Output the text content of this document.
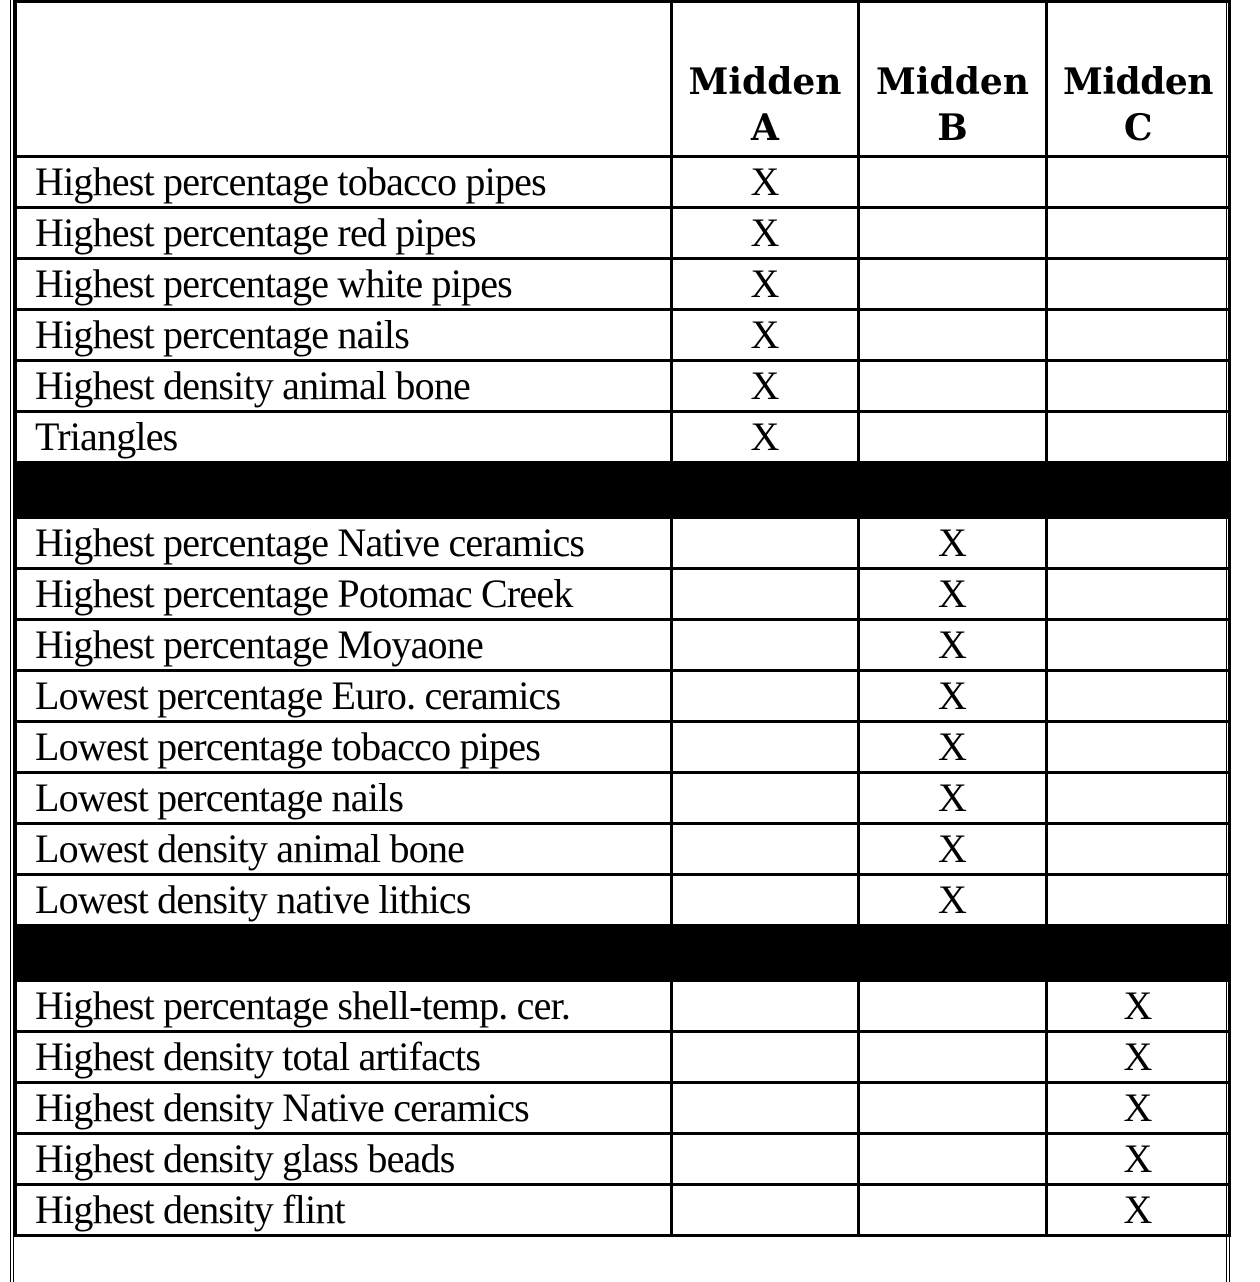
	Midden A	Midden B	Midden C
Highest percentage tobacco pipes	X		
Highest percentage red pipes	X		
Highest percentage white pipes	X		
Highest percentage nails	X		
Highest density animal bone	X		
Triangles	X		

Highest percentage Native ceramics		X	
Highest percentage Potomac Creek		X	
Highest percentage Moyaone		X	
Lowest percentage Euro. ceramics		X	
Lowest percentage tobacco pipes		X	
Lowest percentage nails		X	
Lowest density animal bone		X	
Lowest density native lithics		X	

Highest percentage shell-temp. cer.			X
Highest density total artifacts			X
Highest density Native ceramics			X
Highest density glass beads			X
Highest density flint			X
